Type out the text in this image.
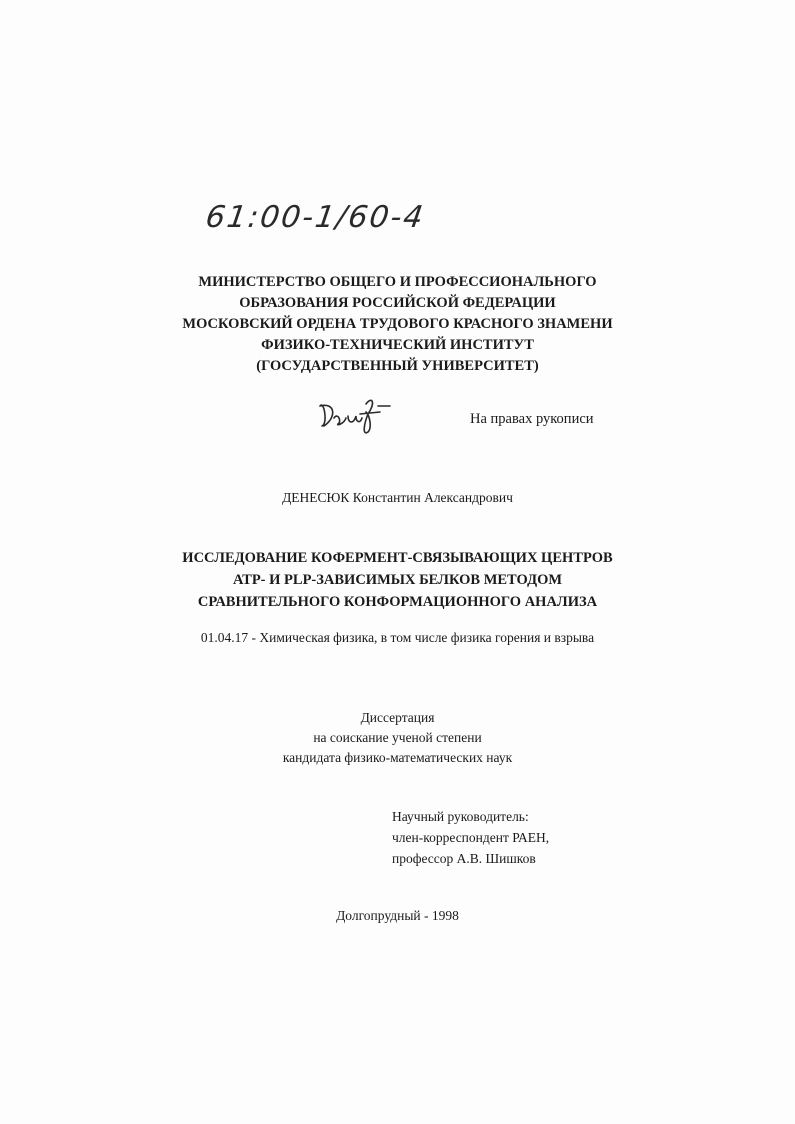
61:00-1/60-4
МИНИСТЕРСТВО ОБЩЕГО И ПРОФЕССИОНАЛЬНОГО
ОБРАЗОВАНИЯ РОССИЙСКОЙ ФЕДЕРАЦИИ
МОСКОВСКИЙ ОРДЕНА ТРУДОВОГО КРАСНОГО ЗНАМЕНИ
ФИЗИКО-ТЕХНИЧЕСКИЙ ИНСТИТУТ
(ГОСУДАРСТВЕННЫЙ УНИВЕРСИТЕТ)
На правах рукописи
ДЕНЕСЮК Константин Александрович
ИССЛЕДОВАНИЕ КОФЕРМЕНТ-СВЯЗЫВАЮЩИХ ЦЕНТРОВ
АТР- И PLP-ЗАВИСИМЫХ БЕЛКОВ МЕТОДОМ
СРАВНИТЕЛЬНОГО КОНФОРМАЦИОННОГО АНАЛИЗА
01.04.17 - Химическая физика, в том числе физика горения и взрыва
Диссертация
на соискание ученой степени
кандидата физико-математических наук
Научный руководитель:
член-корреспондент РАЕН,
профессор А.В. Шишков
Долгопрудный - 1998
